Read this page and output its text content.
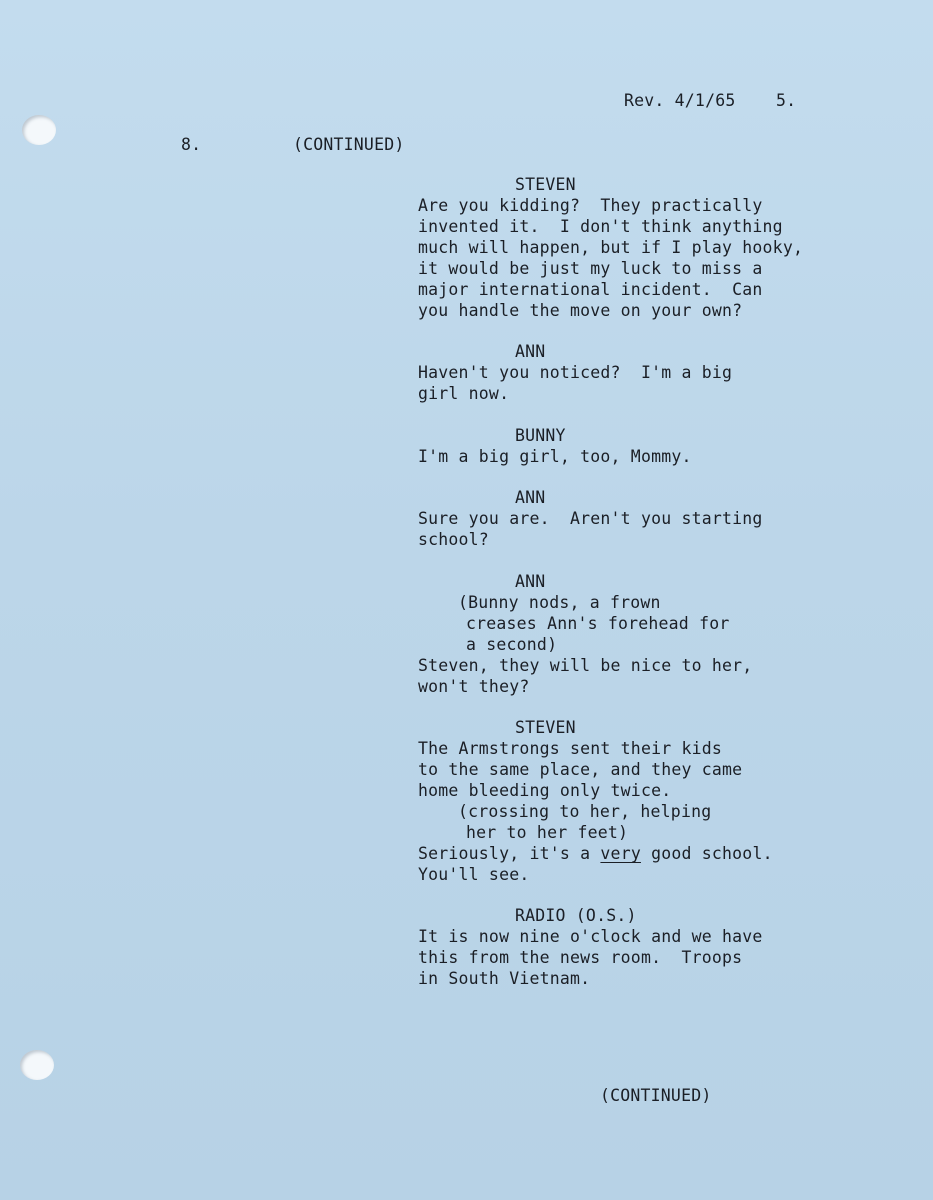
Rev. 4/1/65 5.
8.	(CONTINUED)
STEVEN
Are you kidding?  They practically
invented it.  I don't think anything
much will happen, but if I play hooky,
it would be just my luck to miss a
major international incident.  Can
you handle the move on your own?
ANN
Haven't you noticed?  I'm a big
girl now.
BUNNY
I'm a big girl, too, Mommy.
ANN
Sure you are.  Aren't you starting
school?
ANN
(Bunny nods, a frown
creases Ann's forehead for
a second)
Steven, they will be nice to her,
won't they?
STEVEN
The Armstrongs sent their kids
to the same place, and they came
home bleeding only twice.
(crossing to her, helping
her to her feet)
Seriously, it's a very good school.
You'll see.
RADIO (O.S.)
It is now nine o'clock and we have
this from the news room.  Troops
in South Vietnam.
(CONTINUED)
